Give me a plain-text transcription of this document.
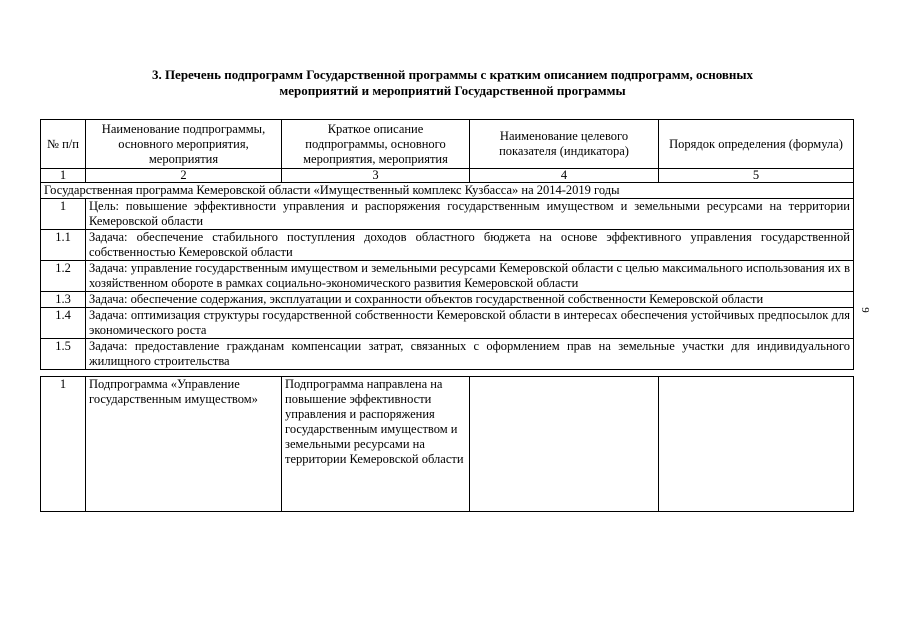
3. Перечень подпрограмм Государственной программы с кратким описанием подпрограмм, основных
мероприятий и мероприятий Государственной программы
9
№ п/п	Наименование подпрограммы, основного мероприятия, мероприятия	Краткое описание подпрограммы, основного мероприятия, мероприятия	Наименование целевого показателя (индикатора)	Порядок определения (формула)
1	2	3	4	5
Государственная программа Кемеровской области «Имущественный комплекс Кузбасса» на 2014-2019 годы				
1	Цель: повышение эффективности управления и распоряжения государственным имуществом и земельными ресурсами на территории Кемеровской области			
1.1	Задача: обеспечение стабильного поступления доходов областного бюджета на основе эффективного управления государственной собственностью Кемеровской области			
1.2	Задача: управление государственным имуществом и земельными ресурсами Кемеровской области с целью максимального использования их в хозяйственном обороте в рамках социально-экономического развития Кемеровской области			
1.3	Задача: обеспечение содержания, эксплуатации и сохранности объектов государственной собственности Кемеровской области			
1.4	Задача: оптимизация структуры государственной собственности Кемеровской области в интересах обеспечения устойчивых предпосылок для экономического роста			
1.5	Задача: предоставление гражданам компенсации затрат, связанных с оформлением прав на земельные участки для индивидуального жилищного строительства			

1	Подпрограмма «Управление государственным имуществом»	Подпрограмма направлена на повышение эффективности управления и распоряжения государственным имуществом и земельными ресурсами на территории Кемеровской области		
